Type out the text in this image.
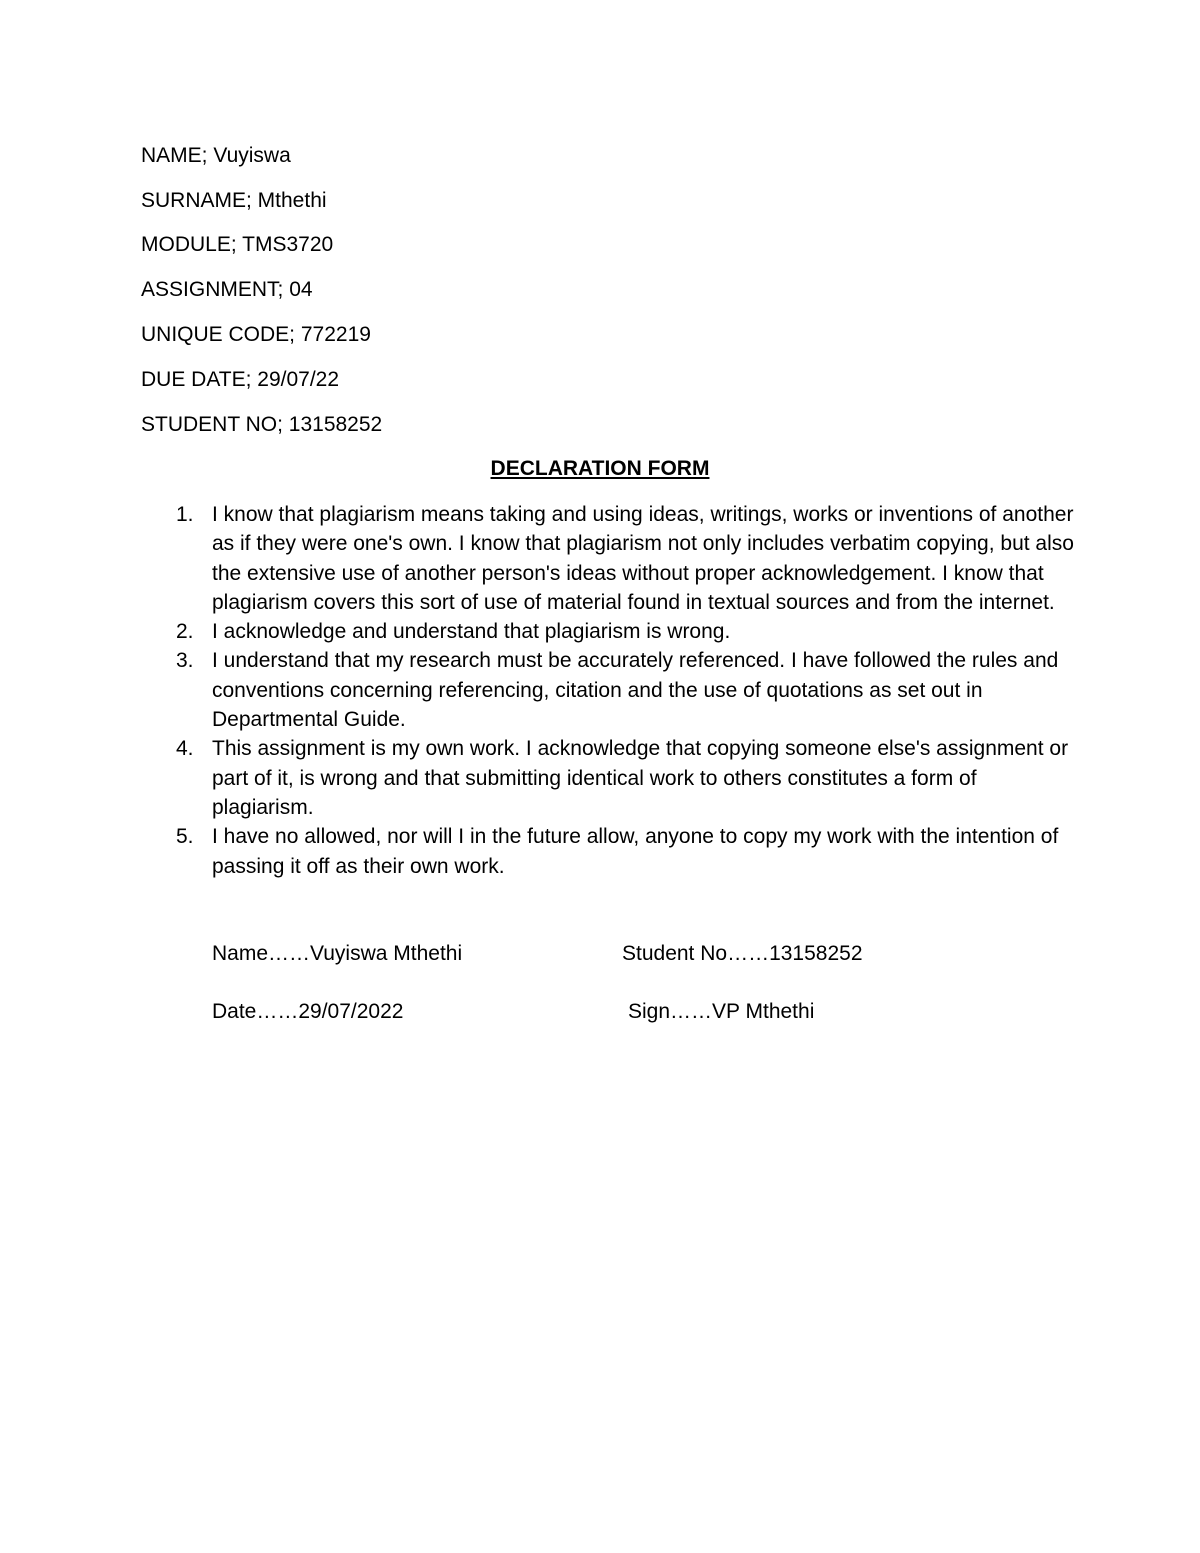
NAME; Vuyiswa
SURNAME; Mthethi
MODULE; TMS3720
ASSIGNMENT; 04
UNIQUE CODE; 772219
DUE DATE; 29/07/22
STUDENT NO; 13158252
DECLARATION FORM
1. I know that plagiarism means taking and using ideas, writings, works or inventions of another as if they were one's own. I know that plagiarism not only includes verbatim copying, but also the extensive use of another person's ideas without proper acknowledgement. I know that plagiarism covers this sort of use of material found in textual sources and from the internet.
2. I acknowledge and understand that plagiarism is wrong.
3. I understand that my research must be accurately referenced. I have followed the rules and conventions concerning referencing, citation and the use of quotations as set out in Departmental Guide.
4. This assignment is my own work. I acknowledge that copying someone else's assignment or part of it, is wrong and that submitting identical work to others constitutes a form of plagiarism.
5. I have no allowed, nor will I in the future allow, anyone to copy my work with the intention of passing it off as their own work.
Name……Vuyiswa Mthethi	Student No……13158252
Date……29/07/2022	Sign……VP Mthethi
